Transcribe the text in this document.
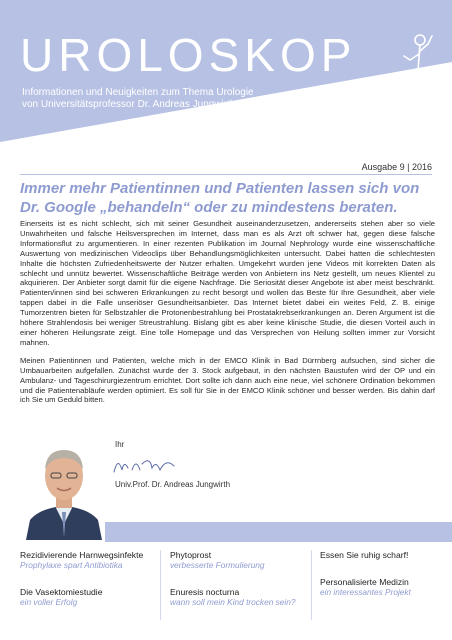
UROLOSKOP
Informationen und Neuigkeiten zum Thema Urologie
von Universitätsprofessor Dr. Andreas Jungwirth
Ausgabe 9 | 2016
Immer mehr Patientinnen und Patienten lassen sich von Dr. Google „behandeln“ oder zu mindestens beraten.

Einerseits ist es nicht schlecht, sich mit seiner Gesundheit auseinanderzusetzen, andererseits stehen aber so viele Unwahrheiten und falsche Heilsversprechen im Internet, dass man es als Arzt oft schwer hat, gegen diese falsche Informationsflut zu argumentieren. In einer rezenten Publikation im Journal Nephrology wurde eine wissenschaftliche Auswertung von medizinischen Videoclips über Behandlungsmöglichkeiten untersucht. Dabei hatten die schlechtesten Inhalte die höchsten Zufriedenheitswerte der Nutzer erhalten. Umgekehrt wurden jene Videos mit korrekten Daten als schlecht und unnütz bewertet. Wissenschaftliche Beiträge werden von Anbietern ins Netz gestellt, um neues Klientel zu akquirieren. Der Anbieter sorgt damit für die eigene Nachfrage. Die Seriosität dieser Angebote ist aber meist beschränkt. Patienten/innen sind bei schweren Erkrankungen zu recht besorgt und wollen das Beste für Ihre Gesundheit, aber viele tappen dabei in die Falle unseriöser Gesundheitsanbieter. Das Internet bietet dabei ein weites Feld, Z. B. einige Tumorzentren bieten für Selbstzahler die Protonenbestrahlung bei Prostatakrebserkrankungen an. Deren Argument ist die höhere Strahlendosis bei weniger Streustrahlung. Bislang gibt es aber keine klinische Studie, die diesen Vorteil auch in einer höheren Heilungsrate zeigt. Eine tolle Homepage und das Versprechen von Heilung sollten immer zur Vorsicht mahnen.

Meinen Patientinnen und Patienten, welche mich in der EMCO Klinik in Bad Dürrnberg aufsuchen, sind sicher die Umbauarbeiten aufgefallen. Zunächst wurde der 3. Stock aufgebaut, in den nächsten Baustufen wird der OP und ein Ambulanz- und Tageschirurgiezentrum errichtet. Dort sollte ich dann auch eine neue, viel schönere Ordination bekommen und die Patientenabläufe werden optimiert. Es soll für Sie in der EMCO Klinik schöner und besser werden. Bis dahin darf ich Sie um Geduld bitten.

Ihr
Univ.Prof. Dr. Andreas Jungwirth
Rezidivierende Harnwegsinfekte
Prophylaxe spart Antibiotika
Die Vasektomiestudie
ein voller Erfolg
Phytoprost
verbesserte Formulierung
Enuresis nocturna
wann soll mein Kind trocken sein?
Essen Sie ruhig scharf!
Personalisierte Medizin
ein interessantes Projekt
